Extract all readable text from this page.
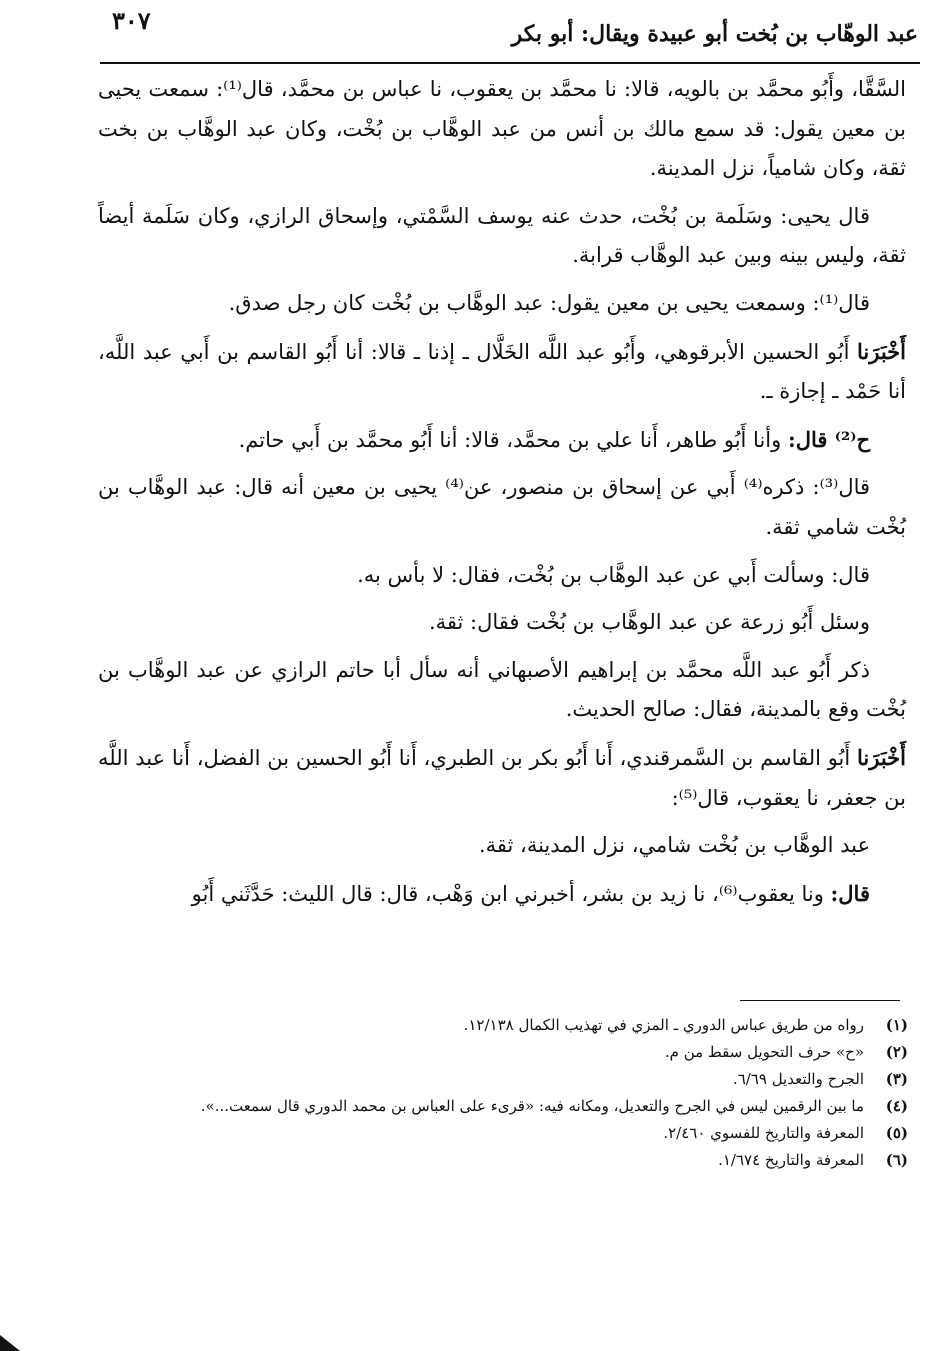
عبد الوهّاب بن بُخت أبو عبيدة ويقال: أبو بكر
٣٠٧

السَّقَّا، وأَبُو محمَّد بن بالويه، قالا: نا محمَّد بن يعقوب، نا عباس بن محمَّد، قال⁽¹⁾: سمعت يحيى بن معين يقول: قد سمع مالك بن أنس من عبد الوهَّاب بن بُخْت، وكان عبد الوهَّاب بن بخت ثقة، وكان شامياً، نزل المدينة.

قال يحيى: وسَلَمة بن بُخْت، حدث عنه يوسف السَّمْتي، وإسحاق الرازي، وكان سَلَمة أيضاً ثقة، وليس بينه وبين عبد الوهَّاب قرابة.

قال⁽¹⁾: وسمعت يحيى بن معين يقول: عبد الوهَّاب بن بُخْت كان رجل صدق.

أَخْبَرَنا أَبُو الحسين الأبرقوهي، وأَبُو عبد اللَّه الخَلَّال ـ إذنا ـ قالا: أنا أَبُو القاسم بن أَبي عبد اللَّه، أنا حَمْد ـ إجازة ـ.

ح⁽²⁾ قال: وأنا أَبُو طاهر، أَنا علي بن محمَّد، قالا: أنا أَبُو محمَّد بن أَبي حاتم.

قال⁽³⁾: ذكره⁽⁴⁾ أَبي عن إسحاق بن منصور، عن⁽⁴⁾ يحيى بن معين أنه قال: عبد الوهَّاب بن بُخْت شامي ثقة.

قال: وسألت أَبي عن عبد الوهَّاب بن بُخْت، فقال: لا بأس به.

وسئل أَبُو زرعة عن عبد الوهَّاب بن بُخْت فقال: ثقة.

ذكر أَبُو عبد اللَّه محمَّد بن إبراهيم الأصبهاني أنه سأل أبا حاتم الرازي عن عبد الوهَّاب بن بُخْت وقع بالمدينة، فقال: صالح الحديث.

أَخْبَرَنا أَبُو القاسم بن السَّمرقندي، أَنا أَبُو بكر بن الطبري، أَنا أَبُو الحسين بن الفضل، أَنا عبد اللَّه بن جعفر، نا يعقوب، قال⁽⁵⁾:

عبد الوهَّاب بن بُخْت شامي، نزل المدينة، ثقة.

قال: ونا يعقوب⁽⁶⁾، نا زيد بن بشر، أخبرني ابن وَهْب، قال: قال الليث: حَدَّثَني أَبُو

(١)
رواه من طريق عباس الدوري ـ المزي في تهذيب الكمال ١٢/١٣٨.
(٢)
«ح» حرف التحويل سقط من م.
(٣)
الجرح والتعديل ٦/٦٩.
(٤)
ما بين الرقمين ليس في الجرح والتعديل، ومكانه فيه: «قرىء على العباس بن محمد الدوري قال سمعت...».
(٥)
المعرفة والتاريخ للفسوي ٢/٤٦٠.
(٦)
المعرفة والتاريخ ١/٦٧٤.
